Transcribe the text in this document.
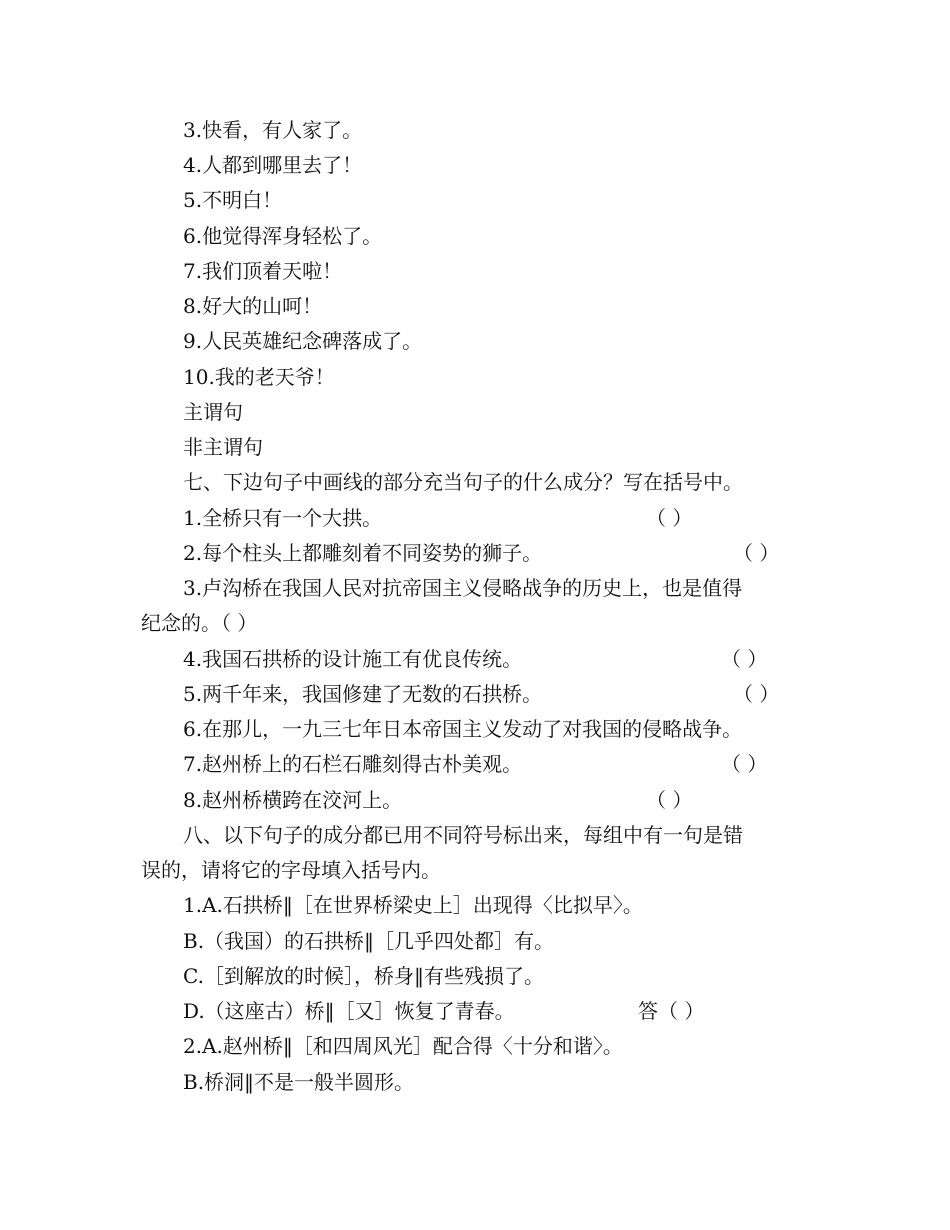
3.快看，有人家了。
4.人都到哪里去了！
5.不明白！
6.他觉得浑身轻松了。
7.我们顶着天啦！
8.好大的山呵！
9.人民英雄纪念碑落成了。
10.我的老天爷！
主谓句
非主谓句
七、下边句子中画线的部分充当句子的什么成分？写在括号中。
1.全桥只有一个大拱。
2.每个柱头上都雕刻着不同姿势的狮子。
3.卢沟桥在我国人民对抗帝国主义侵略战争的历史上，也是值得
纪念的。（ ）
4.我国石拱桥的设计施工有优良传统。
5.两千年来，我国修建了无数的石拱桥。
6.在那儿，一九三七年日本帝国主义发动了对我国的侵略战争。
7.赵州桥上的石栏石雕刻得古朴美观。
8.赵州桥横跨在洨河上。
八、以下句子的成分都已用不同符号标出来，每组中有一句是错
误的，请将它的字母填入括号内。
1.A.石拱桥‖［在世界桥梁史上］出现得〈比拟早〉。
B.（我国）的石拱桥‖［几乎四处都］有。
C.［到解放的时候］，桥身‖有些残损了。
D.（这座古）桥‖［又］恢复了青春。
2.A.赵州桥‖［和四周风光］配合得〈十分和谐〉。
B.桥洞‖不是一般半圆形。
（ ）
（ ）
（ ）
（ ）
（ ）
（ ）
答（ ）
